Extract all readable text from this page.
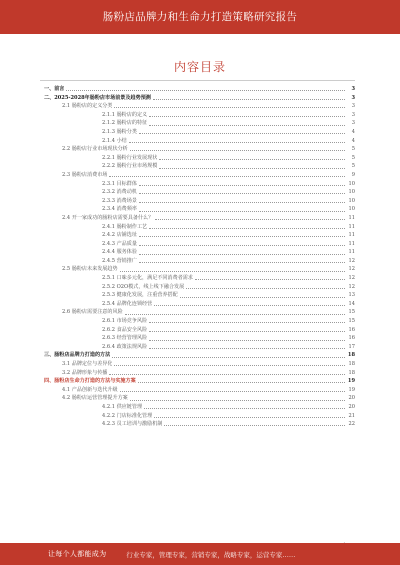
肠粉店品牌力和生命力打造策略研究报告
内容目录
一、前言	3
二、2025-2028年肠粉店市场前景及趋势预测	3
2.1 肠粉店的定义分类	3
2.1.1 肠粉店的定义	3
2.1.2 肠粉店的特征	3
2.1.3 肠粉分类	4
2.1.4 小结	4
2.2 肠粉店行业市场现状分析	5
2.2.1 肠粉行业发展现状	5
2.2.2 肠粉行业市场规模	5
2.3 肠粉店消费市场	9
2.3.1 目标群体	10
2.3.2 消费动机	10
2.3.3 消费场景	10
2.3.4 消费频率	10
2.4 开一家成功的肠粉店需要具备什么？	11
2.4.1 肠粉制作工艺	11
2.4.2 店铺选址	11
2.4.3 产品质量	11
2.4.4 服务体验	11
2.4.5 营销推广	12
2.5 肠粉店未来发展趋势	12
2.5.1 口味多元化，满足不同消费者需求	12
2.5.2 O2O模式，线上线下融合发展	12
2.5.3 健康化发展，注重营养搭配	13
2.5.4 品牌化连锁经营	14
2.6 肠粉店需要注意的风险	15
2.6.1 市场竞争风险	15
2.6.2 食品安全风险	16
2.6.3 经营管理风险	16
2.6.4 政策法规风险	17
三、肠粉店品牌力打造的方法	18
3.1 品牌定位与差异化	18
3.2 品牌形象与传播	18
四、肠粉店生命力打造的方法与实施方案	19
4.1 产品创新与迭代升级	19
4.2 肠粉店运营管理提升方案	20
4.2.1 供应链管理	20
4.2.2 门店标准化管理	21
4.2.3 员工培训与激励机制	22
让每个人都能成为	行业专家，管理专家，营销专家，战略专家，运营专家……
